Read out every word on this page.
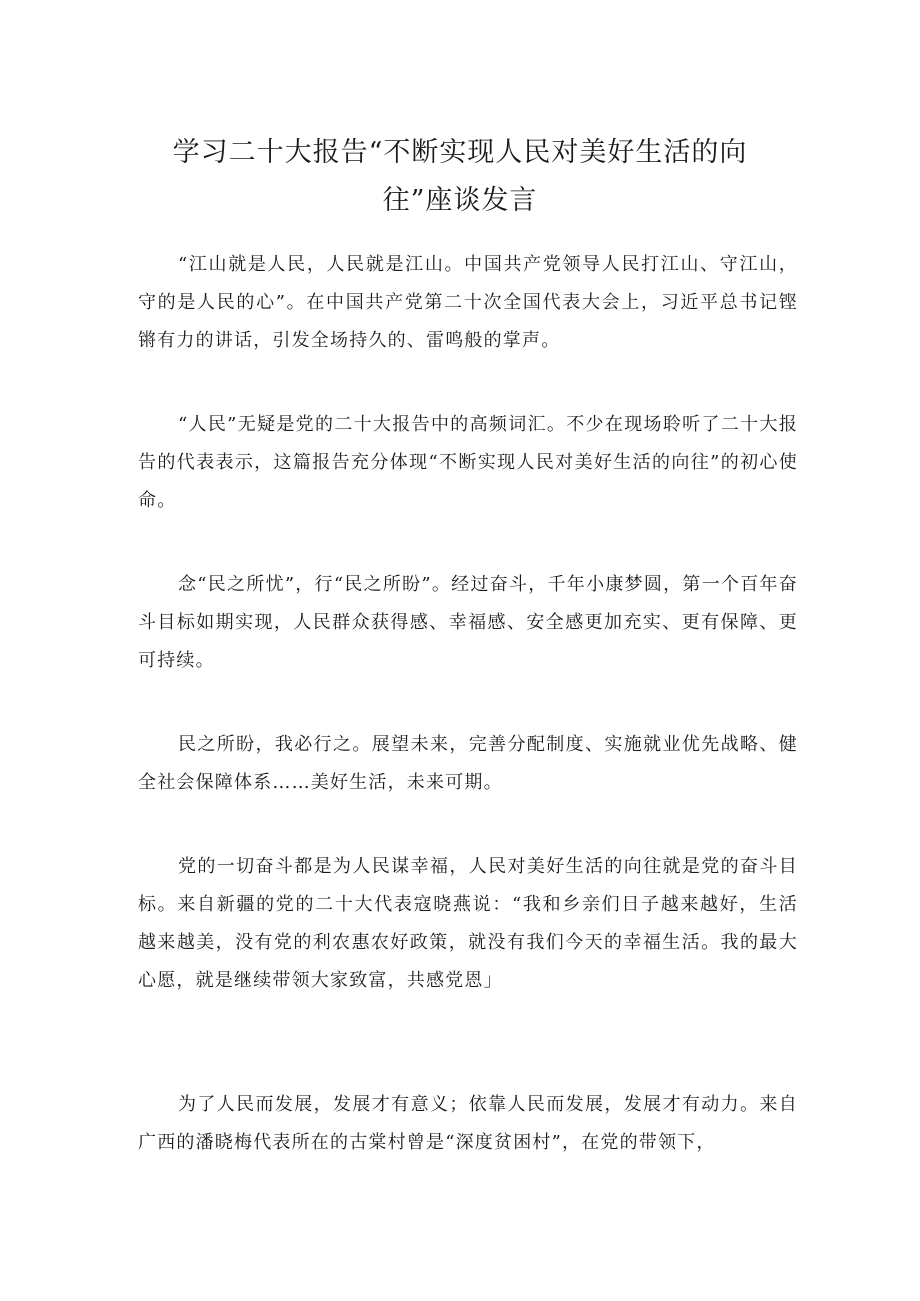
学习二十大报告“不断实现人民对美好生活的向
往”座谈发言

“江山就是人民，人民就是江山。中国共产党领导人民打江山、守江山，守的是人民的心”。在中国共产党第二十次全国代表大会上，习近平总书记铿锵有力的讲话，引发全场持久的、雷鸣般的掌声。

“人民”无疑是党的二十大报告中的高频词汇。不少在现场聆听了二十大报告的代表表示，这篇报告充分体现“不断实现人民对美好生活的向往”的初心使命。

念“民之所忧”，行“民之所盼”。经过奋斗，千年小康梦圆，第一个百年奋斗目标如期实现，人民群众获得感、幸福感、安全感更加充实、更有保障、更可持续。

民之所盼，我必行之。展望未来，完善分配制度、实施就业优先战略、健全社会保障体系……美好生活，未来可期。

党的一切奋斗都是为人民谋幸福，人民对美好生活的向往就是党的奋斗目标。来自新疆的党的二十大代表寇晓燕说：“我和乡亲们日子越来越好，生活越来越美，没有党的利农惠农好政策，就没有我们今天的幸福生活。我的最大心愿，就是继续带领大家致富，共感党恩」

为了人民而发展，发展才有意义；依靠人民而发展，发展才有动力。来自广西的潘晓梅代表所在的古棠村曾是“深度贫困村”，在党的带领下，
